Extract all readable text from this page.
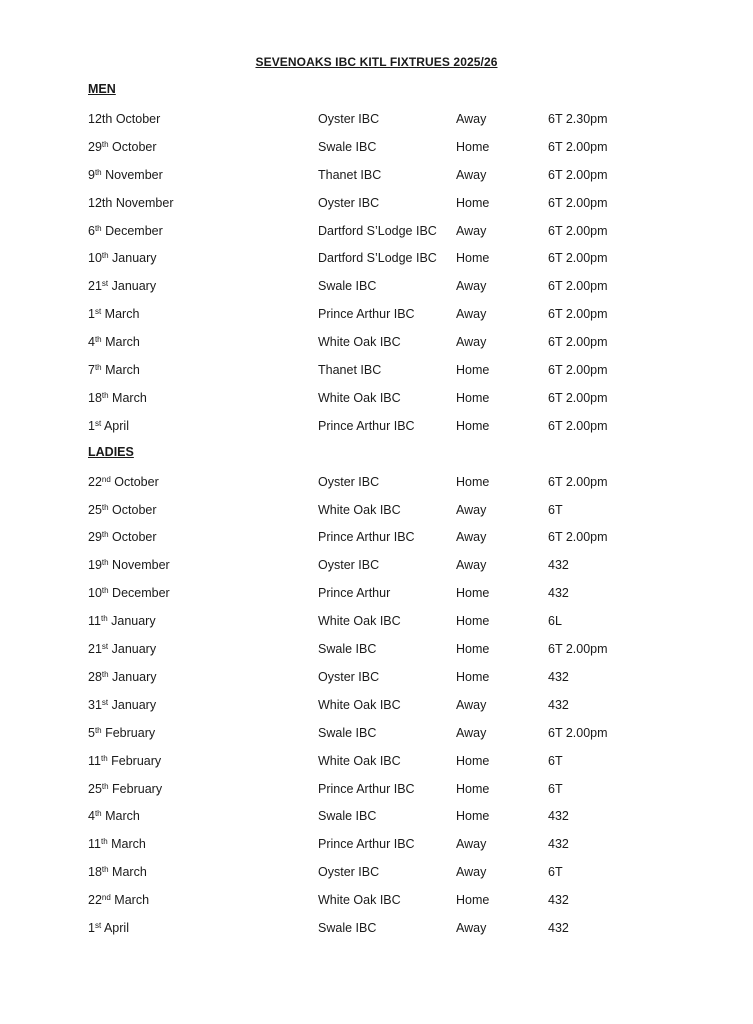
SEVENOAKS IBC KITL FIXTRUES 2025/26
MEN
12th October	Oyster IBC	Away	6T 2.30pm
29th October	Swale IBC	Home	6T 2.00pm
9th November	Thanet IBC	Away	6T 2.00pm
12th November	Oyster IBC	Home	6T 2.00pm
6th December	Dartford S’Lodge IBC Away	6T 2.00pm
10th January	Dartford S’Lodge IBC Home	6T 2.00pm
21st January	Swale IBC	Away	6T 2.00pm
1st March	Prince Arthur IBC	Away	6T 2.00pm
4th March	White Oak IBC	Away	6T 2.00pm
7th March	Thanet IBC	Home	6T 2.00pm
18th March	White Oak IBC	Home	6T 2.00pm
1st April	Prince Arthur IBC	Home	6T 2.00pm
LADIES
22nd October	Oyster IBC	Home	6T 2.00pm
25th October	White Oak IBC	Away	6T
29th October	Prince Arthur IBC	Away	6T 2.00pm
19th November	Oyster IBC	Away	432
10th December	Prince Arthur	Home	432
11th January	White Oak IBC	Home	6L
21st January	Swale IBC	Home	6T 2.00pm
28th January	Oyster IBC	Home	432
31st January	White Oak IBC	Away	432
5th February	Swale IBC	Away	6T 2.00pm
11th February	White Oak IBC	Home	6T
25th February	Prince Arthur IBC	Home	6T
4th March	Swale IBC	Home	432
11th March	Prince Arthur IBC	Away	432
18th March	Oyster IBC	Away	6T
22nd March	White Oak IBC	Home	432
1st April	Swale IBC	Away	432
